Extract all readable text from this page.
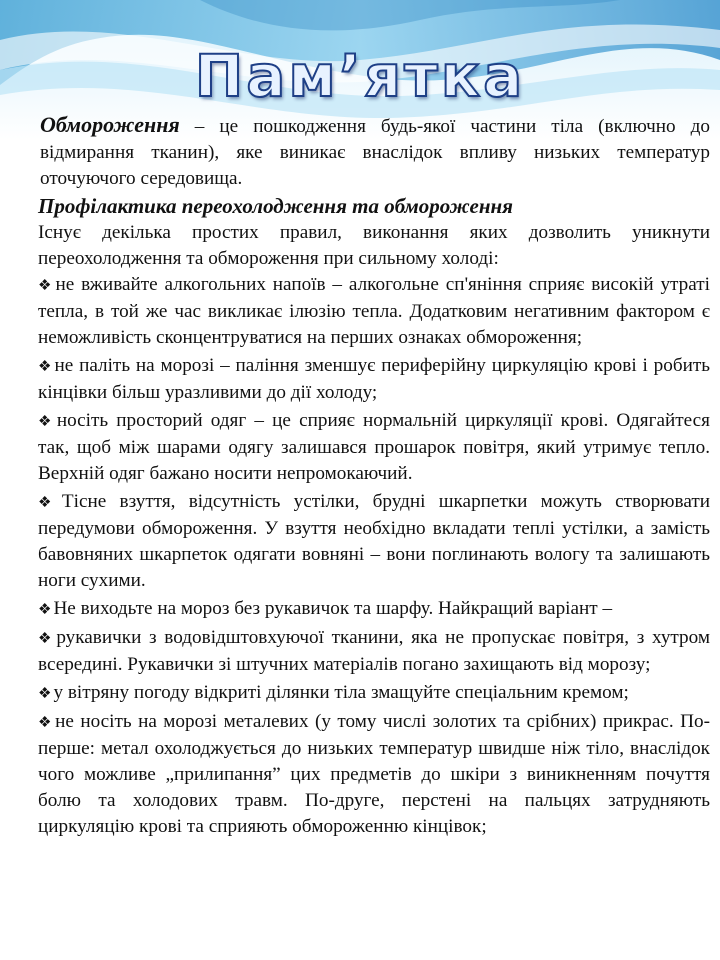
Пам’ятка

Обмороження – це пошкодження будь-якої частини тіла (включно до відмирання тканин), яке виникає внаслідок впливу низьких температур оточуючого середовища.

Профілактика переохолодження та обмороження

Існує декілька простих правил, виконання яких дозволить уникнути переохолодження та обмороження при сильному холоді:

❖ не вживайте алкогольних напоїв – алкогольне сп'яніння сприяє високій утраті тепла, в той же час викликає ілюзію тепла. Додатковим негативним фактором є неможливість сконцентруватися на перших ознаках обмороження;
❖ не паліть на морозі – паління зменшує периферійну циркуляцію крові і робить кінцівки більш уразливими до дії холоду;
❖ носіть просторий одяг – це сприяє нормальній циркуляції крові. Одягайтеся так, щоб між шарами одягу залишався прошарок повітря, який утримує тепло. Верхній одяг бажано носити непромокаючий.
❖ Тісне взуття, відсутність устілки, брудні шкарпетки можуть створювати передумови обмороження. У взуття необхідно вкладати теплі устілки, а замість бавовняних шкарпеток одягати вовняні – вони поглинають вологу та залишають ноги сухими.
❖ Не виходьте на мороз без рукавичок та шарфу. Найкращий варіант –
❖ рукавички з водовідштовхуючої тканини, яка не пропускає повітря, з хутром всередині. Рукавички зі штучних матеріалів погано захищають від морозу;
❖ у вітряну погоду відкриті ділянки тіла змащуйте спеціальним кремом;
❖ не носіть на морозі металевих (у тому числі золотих та срібних) прикрас. По-перше: метал охолоджується до низьких температур швидше ніж тіло, внаслідок чого можливе „прилипання” цих предметів до шкіри з виникненням почуття болю та холодових травм. По-друге, перстені на пальцях затрудняють циркуляцію крові та сприяють обмороженню кінцівок;
